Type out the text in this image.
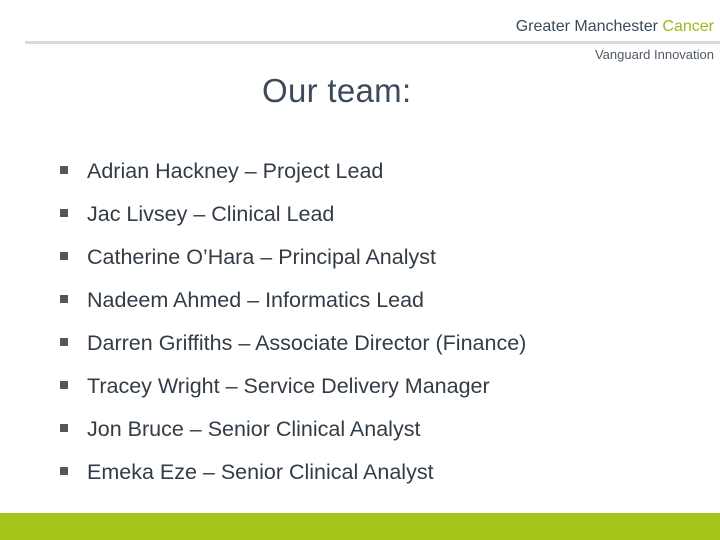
Greater Manchester Cancer
Vanguard Innovation
Our team:
Adrian Hackney – Project Lead
Jac Livsey – Clinical Lead
Catherine O’Hara – Principal Analyst
Nadeem Ahmed – Informatics Lead
Darren Griffiths – Associate Director (Finance)
Tracey Wright – Service Delivery Manager
Jon Bruce – Senior Clinical Analyst
Emeka Eze – Senior Clinical Analyst
